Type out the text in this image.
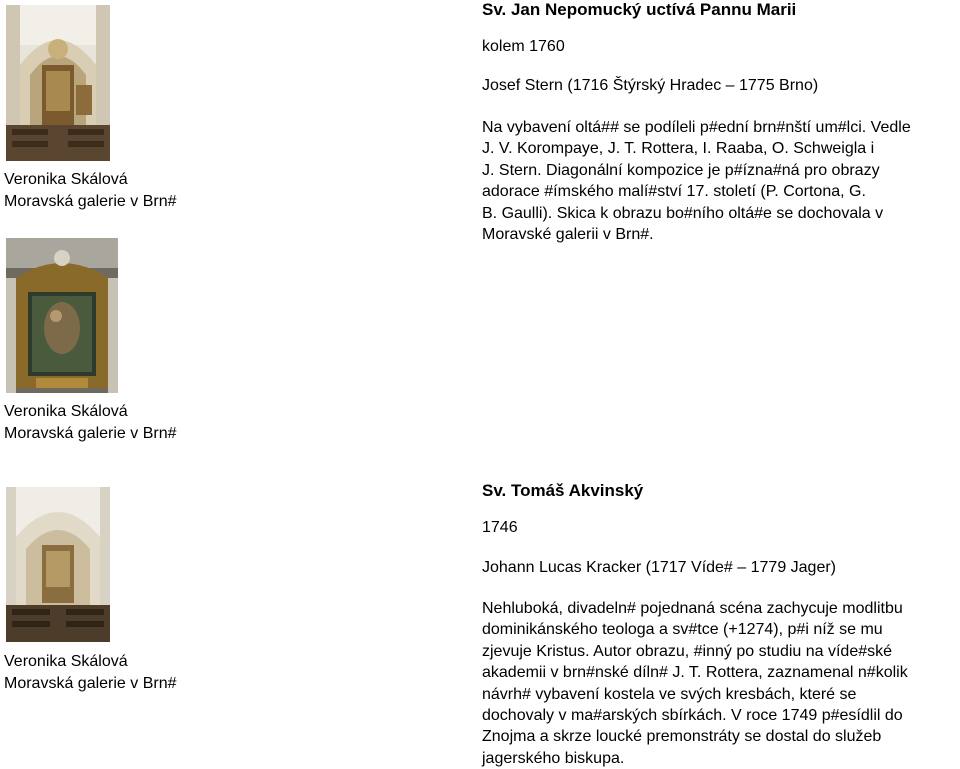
Veronika Skálová
Moravská galerie v Brn#
Veronika Skálová
Moravská galerie v Brn#
Veronika Skálová
Moravská galerie v Brn#
Sv. Jan Nepomucký uctívá Pannu Marii
kolem 1760
Josef Stern (1716 Štýrský Hradec – 1775 Brno)
Na vybavení oltá## se podíleli p#ední brn#nští um#lci. Vedle
J. V. Korompaye, J. T. Rottera, I. Raaba, O. Schweigla i
J. Stern. Diagonální kompozice je p#ízna#ná pro obrazy
adorace #ímského malí#ství 17. století (P. Cortona, G.
B. Gaulli). Skica k obrazu bo#ního oltá#e se dochovala v
Moravské galerii v Brn#.
Sv. Tomáš Akvinský
1746
Johann Lucas Kracker (1717 Víde# – 1779 Jager)
Nehluboká, divadeln# pojednaná scéna zachycuje modlitbu
dominikánského teologa a sv#tce (+1274), p#i níž se mu
zjevuje Kristus. Autor obrazu, #inný po studiu na víde#ské
akademii v brn#nské díln# J. T. Rottera, zaznamenal n#kolik
návrh# vybavení kostela ve svých kresbách, které se
dochovaly v ma#arských sbírkách. V roce 1749 p#esídlil do
Znojma a skrze loucké premonstráty se dostal do služeb
jagerského biskupa.
